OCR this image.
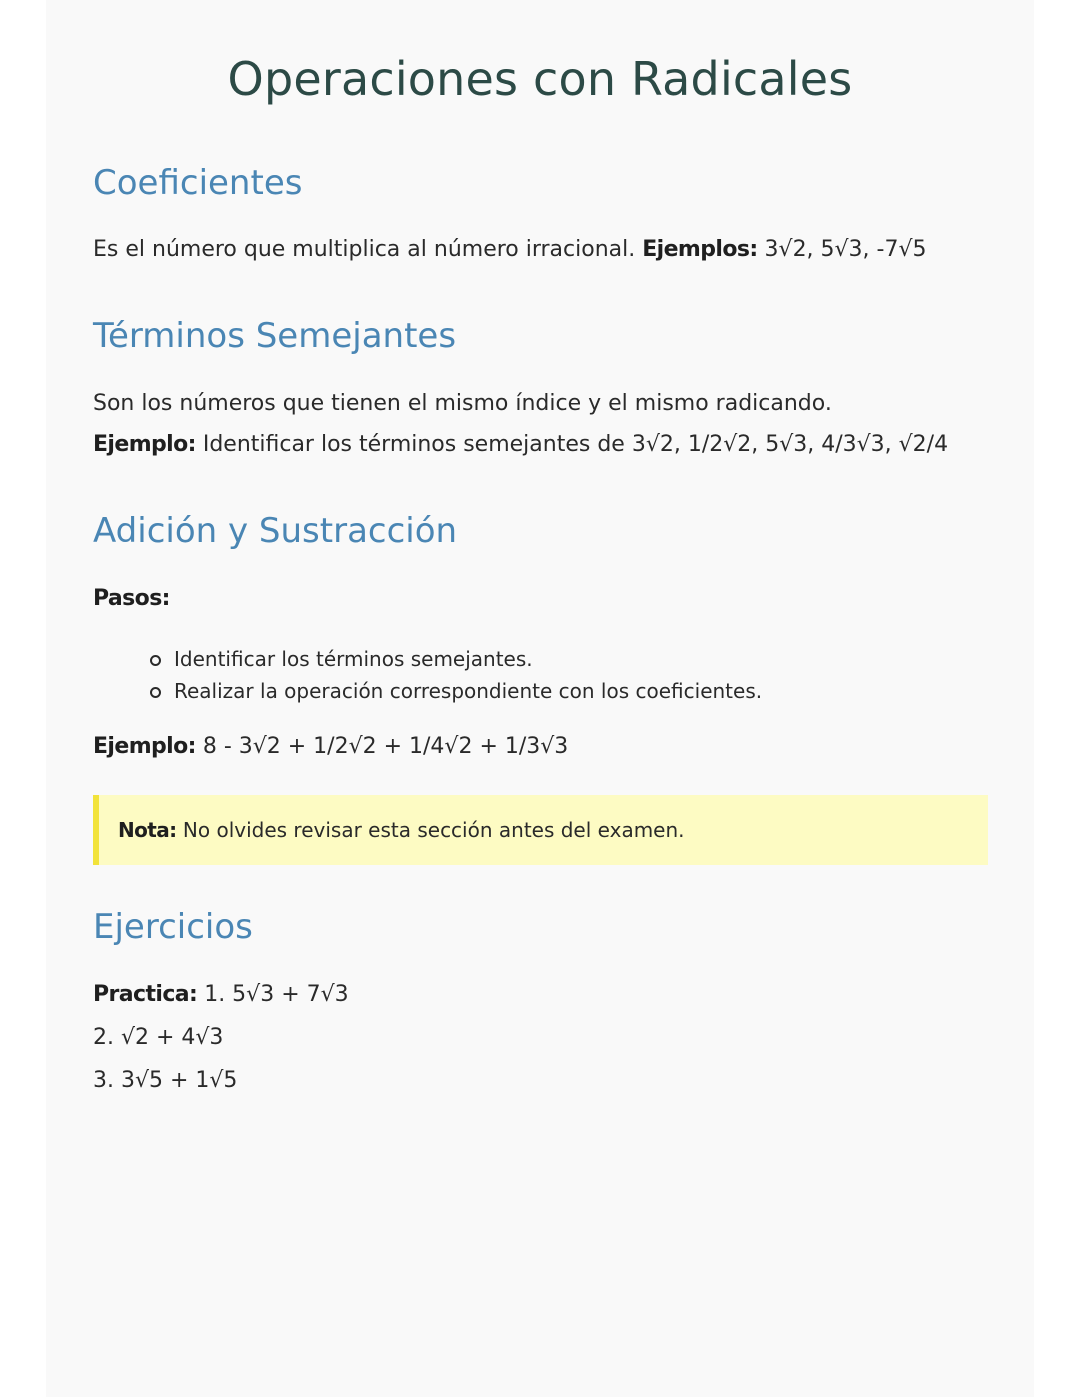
Operaciones con Radicales
Coeficientes

Es el número que multiplica al número irracional. Ejemplos: 3√2, 5√3, -7√5

Términos Semejantes

Son los números que tienen el mismo índice y el mismo radicando.

Ejemplo: Identificar los términos semejantes de 3√2, 1/2√2, 5√3, 4/3√3, √2/4

Adición y Sustracción

Pasos:

Identificar los términos semejantes.
Realizar la operación correspondiente con los coeficientes.

Ejemplo: 8 - 3√2 + 1/2√2 + 1/4√2 + 1/3√3

Nota: No olvides revisar esta sección antes del examen.
Ejercicios

Practica: 1. 5√3 + 7√3

2. √2 + 4√3

3. 3√5 + 1√5
